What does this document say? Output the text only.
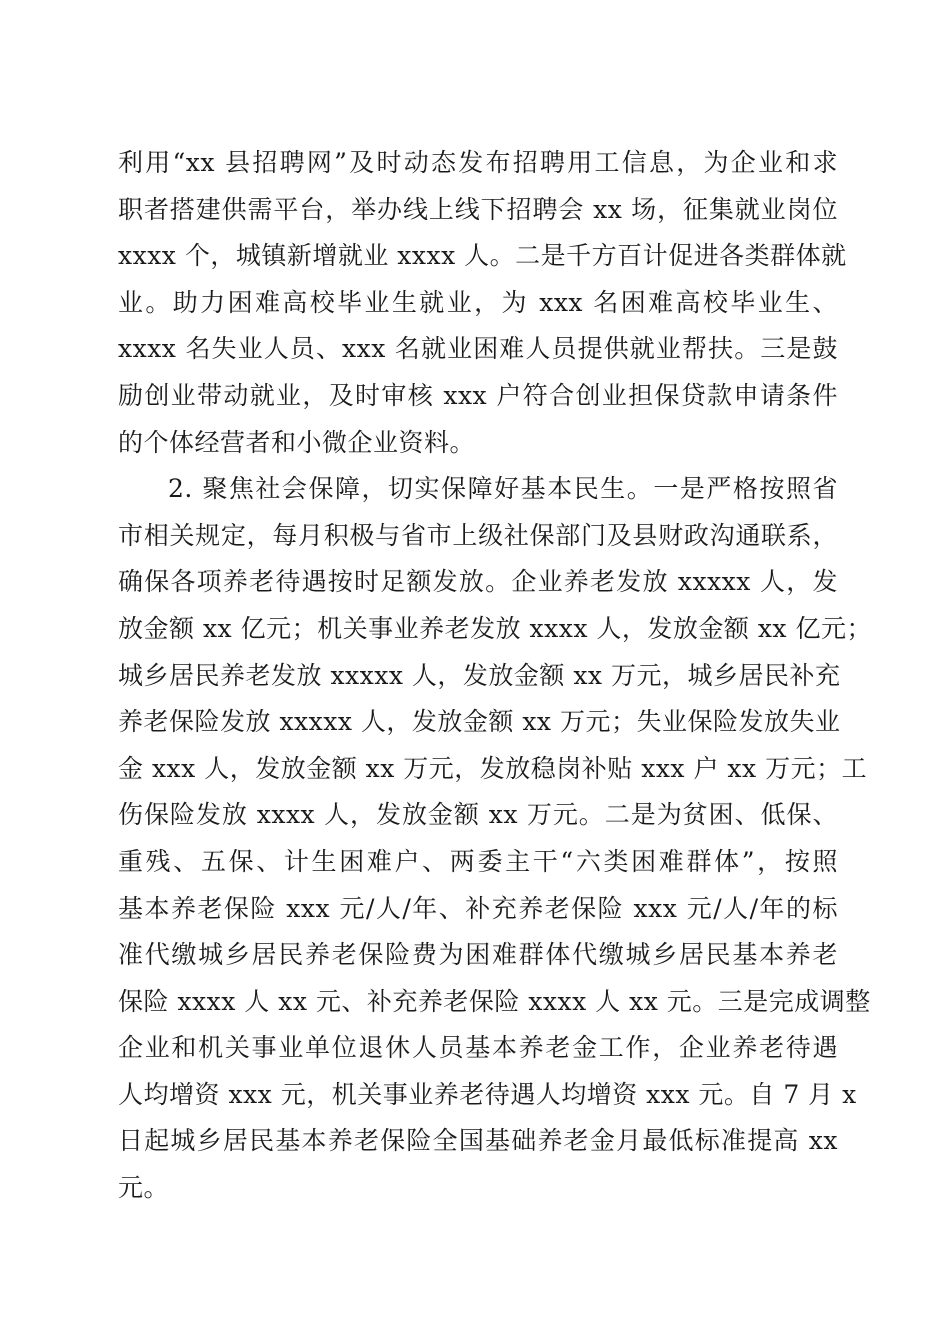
利用“xx 县招聘网”及时动态发布招聘用工信息，为企业和求
职者搭建供需平台，举办线上线下招聘会 xx 场，征集就业岗位
xxxx 个，城镇新增就业 xxxx 人。二是千方百计促进各类群体就
业。助力困难高校毕业生就业，为 xxx 名困难高校毕业生、
xxxx 名失业人员、xxx 名就业困难人员提供就业帮扶。三是鼓
励创业带动就业，及时审核 xxx 户符合创业担保贷款申请条件
的个体经营者和小微企业资料。
2. 聚焦社会保障，切实保障好基本民生。一是严格按照省
市相关规定，每月积极与省市上级社保部门及县财政沟通联系，
确保各项养老待遇按时足额发放。企业养老发放 xxxxx 人，发
放金额 xx 亿元；机关事业养老发放 xxxx 人，发放金额 xx 亿元；
城乡居民养老发放 xxxxx 人，发放金额 xx 万元，城乡居民补充
养老保险发放 xxxxx 人，发放金额 xx 万元；失业保险发放失业
金 xxx 人，发放金额 xx 万元，发放稳岗补贴 xxx 户 xx 万元；工
伤保险发放 xxxx 人，发放金额 xx 万元。二是为贫困、低保、
重残、五保、计生困难户、两委主干“六类困难群体”，按照
基本养老保险 xxx 元/人/年、补充养老保险 xxx 元/人/年的标
准代缴城乡居民养老保险费为困难群体代缴城乡居民基本养老
保险 xxxx 人 xx 元、补充养老保险 xxxx 人 xx 元。三是完成调整
企业和机关事业单位退休人员基本养老金工作，企业养老待遇
人均增资 xxx 元，机关事业养老待遇人均增资 xxx 元。自 7 月 x
日起城乡居民基本养老保险全国基础养老金月最低标准提高 xx
元。
